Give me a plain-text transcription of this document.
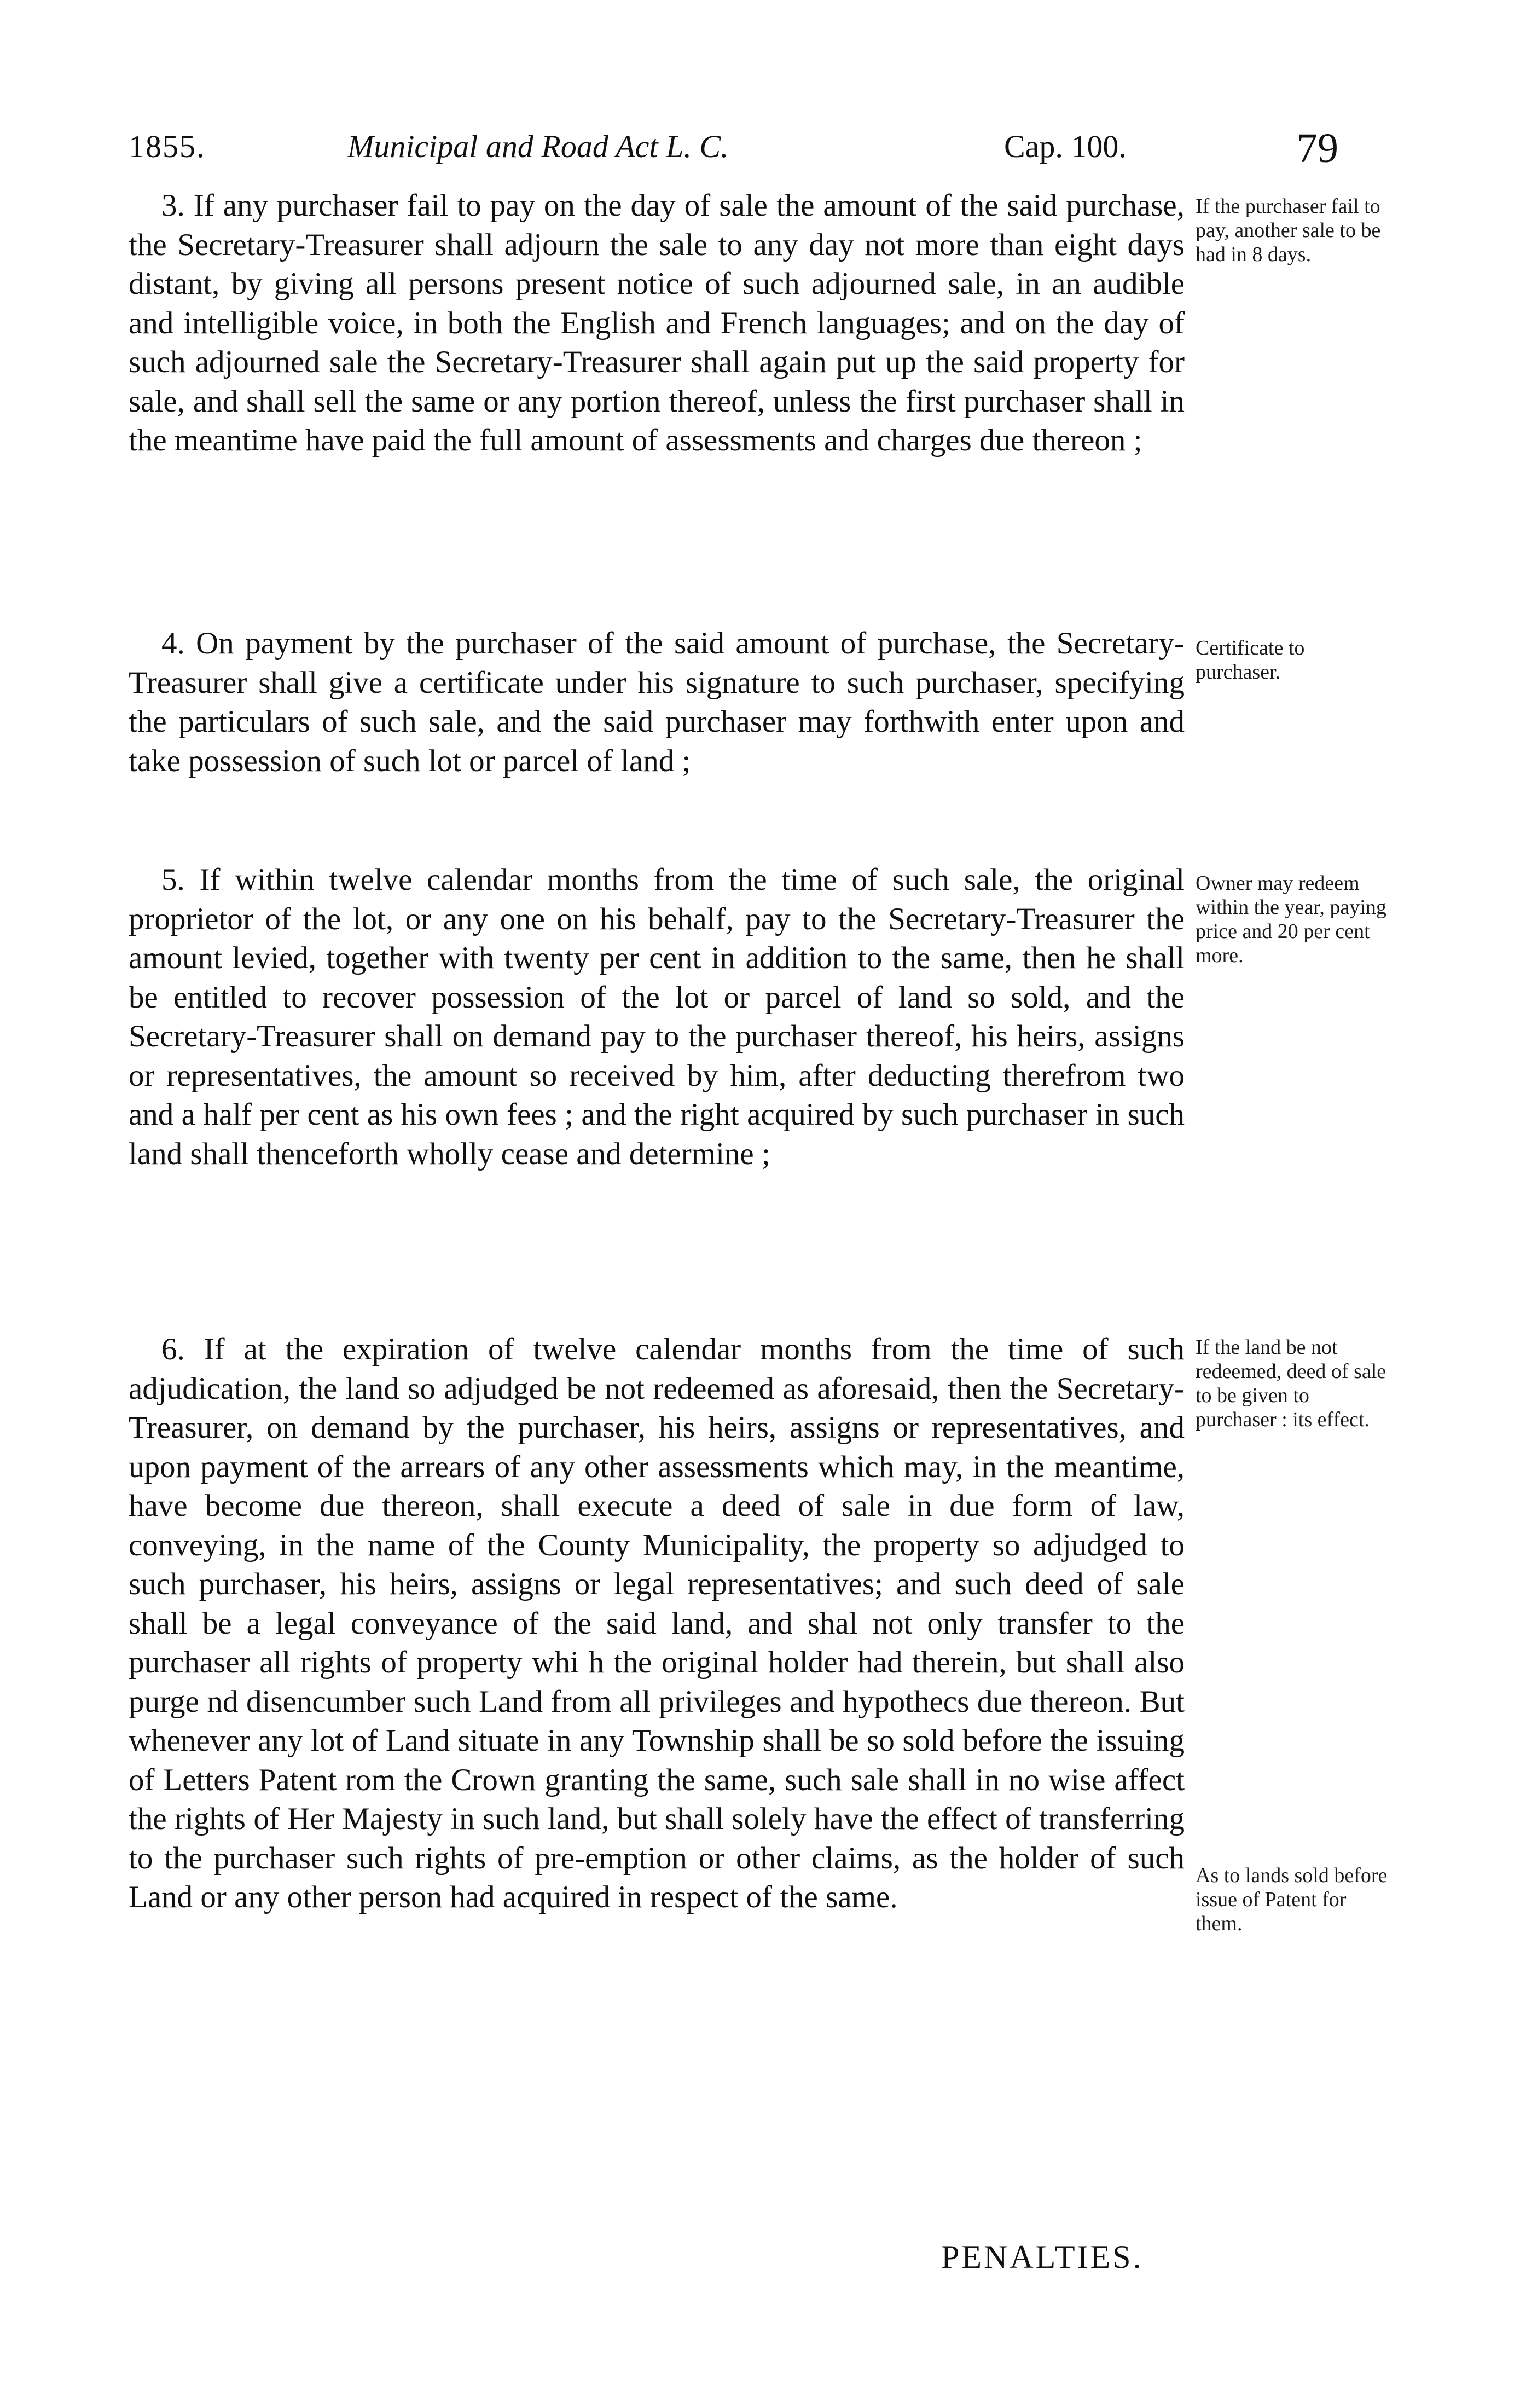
1855.	Municipal and Road Act L. C.	Cap. 100.	79

3. If any purchaser fail to pay on the day of sale the amount of the said purchase, the Secretary-Treasurer shall adjourn the sale to any day not more than eight days distant, by giving all persons present notice of such adjourned sale, in an audible and intelligible voice, in both the English and French languages; and on the day of such adjourned sale the Secretary-Treasurer shall again put up the said property for sale, and shall sell the same or any portion thereof, unless the first purchaser shall in the meantime have paid the full amount of assessments and charges due thereon ;

4. On payment by the purchaser of the said amount of purchase, the Secretary-Treasurer shall give a certificate under his signature to such purchaser, specifying the particulars of such sale, and the said purchaser may forthwith enter upon and take possession of such lot or parcel of land ;

5. If within twelve calendar months from the time of such sale, the original proprietor of the lot, or any one on his behalf, pay to the Secretary-Treasurer the amount levied, together with twenty per cent in addition to the same, then he shall be entitled to recover possession of the lot or parcel of land so sold, and the Secretary-Treasurer shall on demand pay to the purchaser thereof, his heirs, assigns or representatives, the amount so received by him, after deducting therefrom two and a half per cent as his own fees ; and the right acquired by such purchaser in such land shall thenceforth wholly cease and determine ;

6. If at the expiration of twelve calendar months from the time of such adjudication, the land so adjudged be not redeemed as aforesaid, then the Secretary-Treasurer, on demand by the purchaser, his heirs, assigns or representatives, and upon payment of the arrears of any other assessments which may, in the meantime, have become due thereon, shall execute a deed of sale in due form of law, conveying, in the name of the County Municipality, the property so adjudged to such purchaser, his heirs, assigns or legal representatives; and such deed of sale shall be a legal conveyance of the said land, and shal not only transfer to the purchaser all rights of property whi h the original holder had therein, but shall also purge nd disencumber such Land from all privileges and hypothecs due thereon. But whenever any lot of Land situate in any Township shall be so sold before the issuing of Letters Patent rom the Crown granting the same, such sale shall in no wise affect the rights of Her Majesty in such land, but shall solely have the effect of transferring to the purchaser such rights of pre-emption or other claims, as the holder of such Land or any other person had acquired in respect of the same.

If the purchaser fail to pay, another sale to be had in 8 days.

Certificate to purchaser.

Owner may redeem within the year, paying price and 20 per cent more.

If the land be not redeemed, deed of sale to be given to purchaser : its effect.

As to lands sold before issue of Patent for them.

PENALTIES.
